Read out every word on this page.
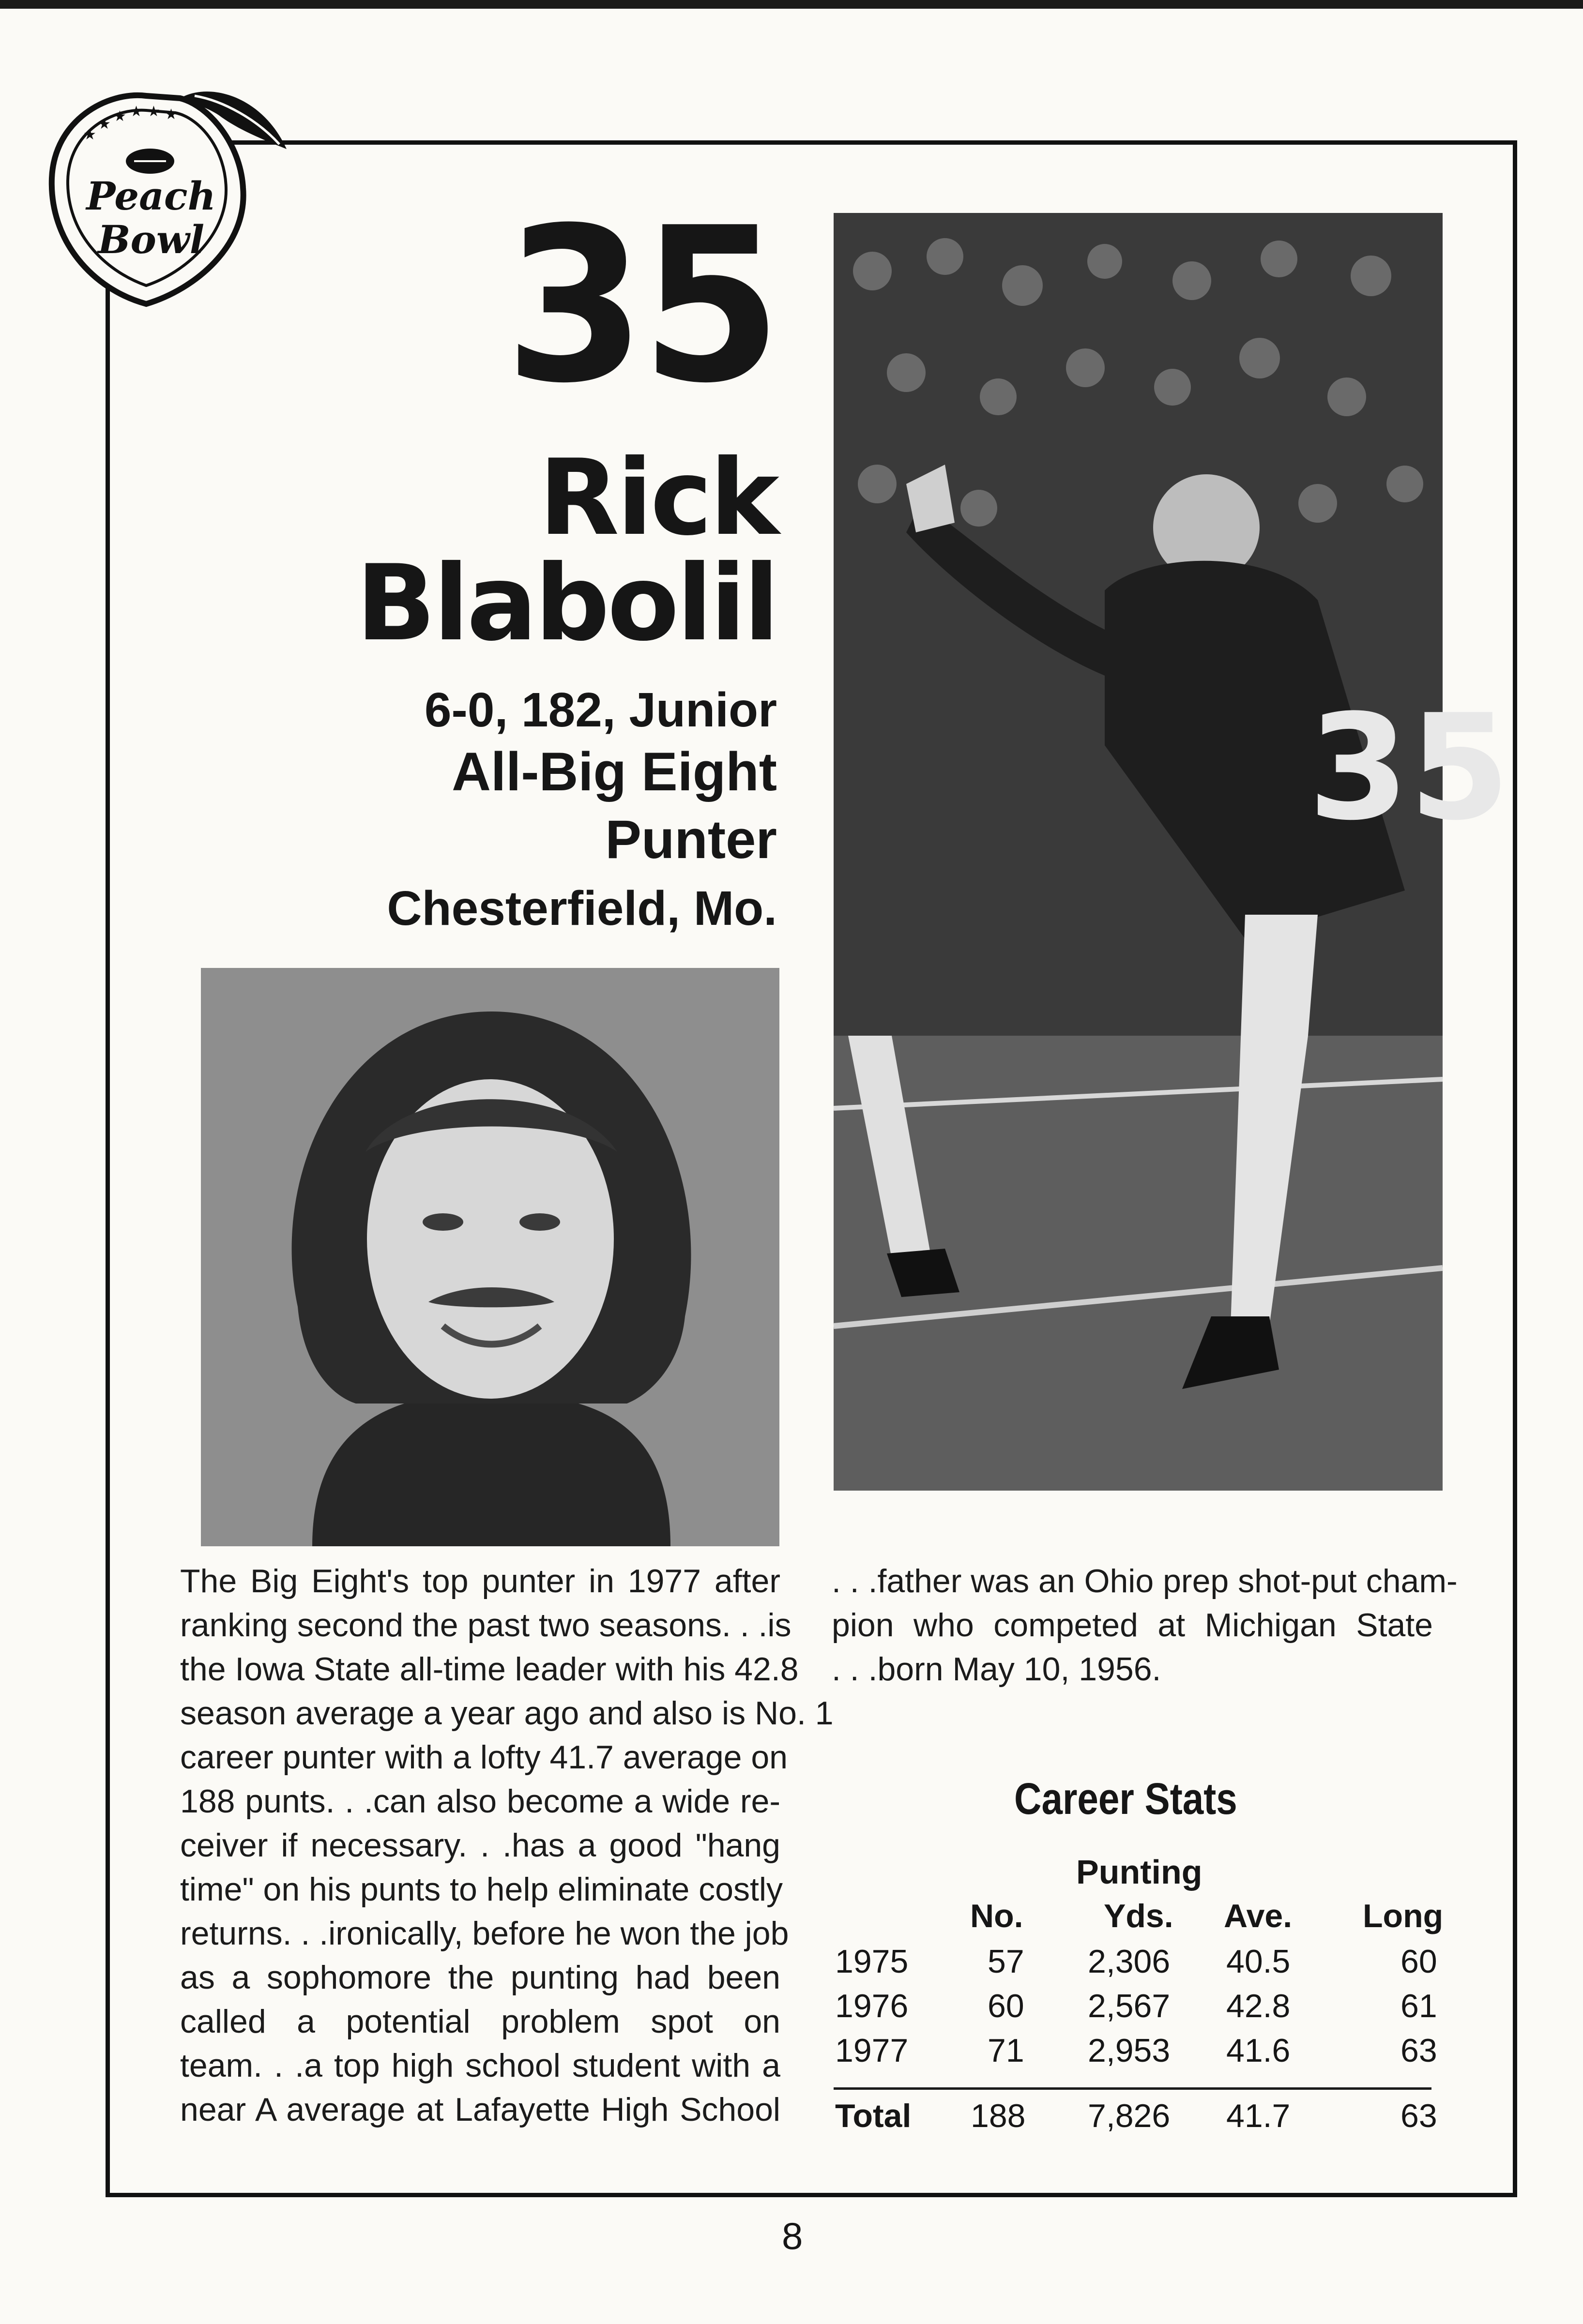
★
★ ★ ★ ★ ★
Peach
Bowl 35
Rick
Blabolil
6-0, 182, Junior
All-Big Eight
Punter
Chesterfield, Mo.
35
The Big Eight's top punter in 1977 after
ranking second the past two seasons. . .is
the Iowa State all-time leader with his 42.8
season average a year ago and also is No. 1
career punter with a lofty 41.7 average on
188 punts. . .can also become a wide re-
ceiver if necessary. . .has a good "hang
time" on his punts to help eliminate costly
returns. . .ironically, before he won the job
as a sophomore the punting had been
called a potential problem spot on
team. . .a top high school student with a
near A average at Lafayette High School
. . .father was an Ohio prep shot-put cham-
pion who competed at Michigan State
. . .born May 10, 1956.
Career Stats
Punting
No. Yds. Ave. Long
1975 57 2,306 40.5	60
1976 60 2,567 42.8	61
1977 71 2,953 41.6	63
Total 188 7,826 41.7	63
8
